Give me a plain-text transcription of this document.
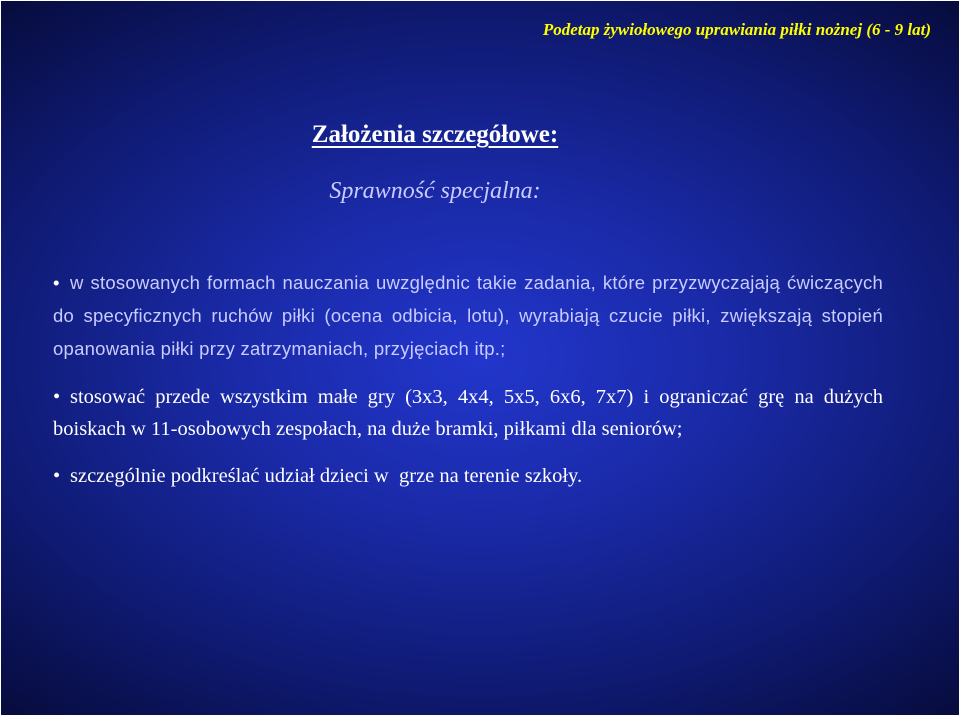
Podetap żywiołowego uprawiania piłki nożnej (6 - 9 lat)
Założenia szczegółowe:
Sprawność specjalna:
• w stosowanych formach nauczania uwzględnic takie zadania, które przyzwyczajają ćwiczących do specyficznych ruchów piłki (ocena odbicia, lotu), wyrabiają czucie piłki, zwiększają stopień opanowania piłki przy zatrzymaniach, przyjęciach itp.;
• stosować przede wszystkim małe gry (3x3, 4x4, 5x5, 6x6, 7x7) i ograniczać grę na dużych boiskach w 11-osobowych zespołach, na duże bramki, piłkami dla seniorów;
• szczególnie podkreślać udział dzieci w  grze na terenie szkoły.
